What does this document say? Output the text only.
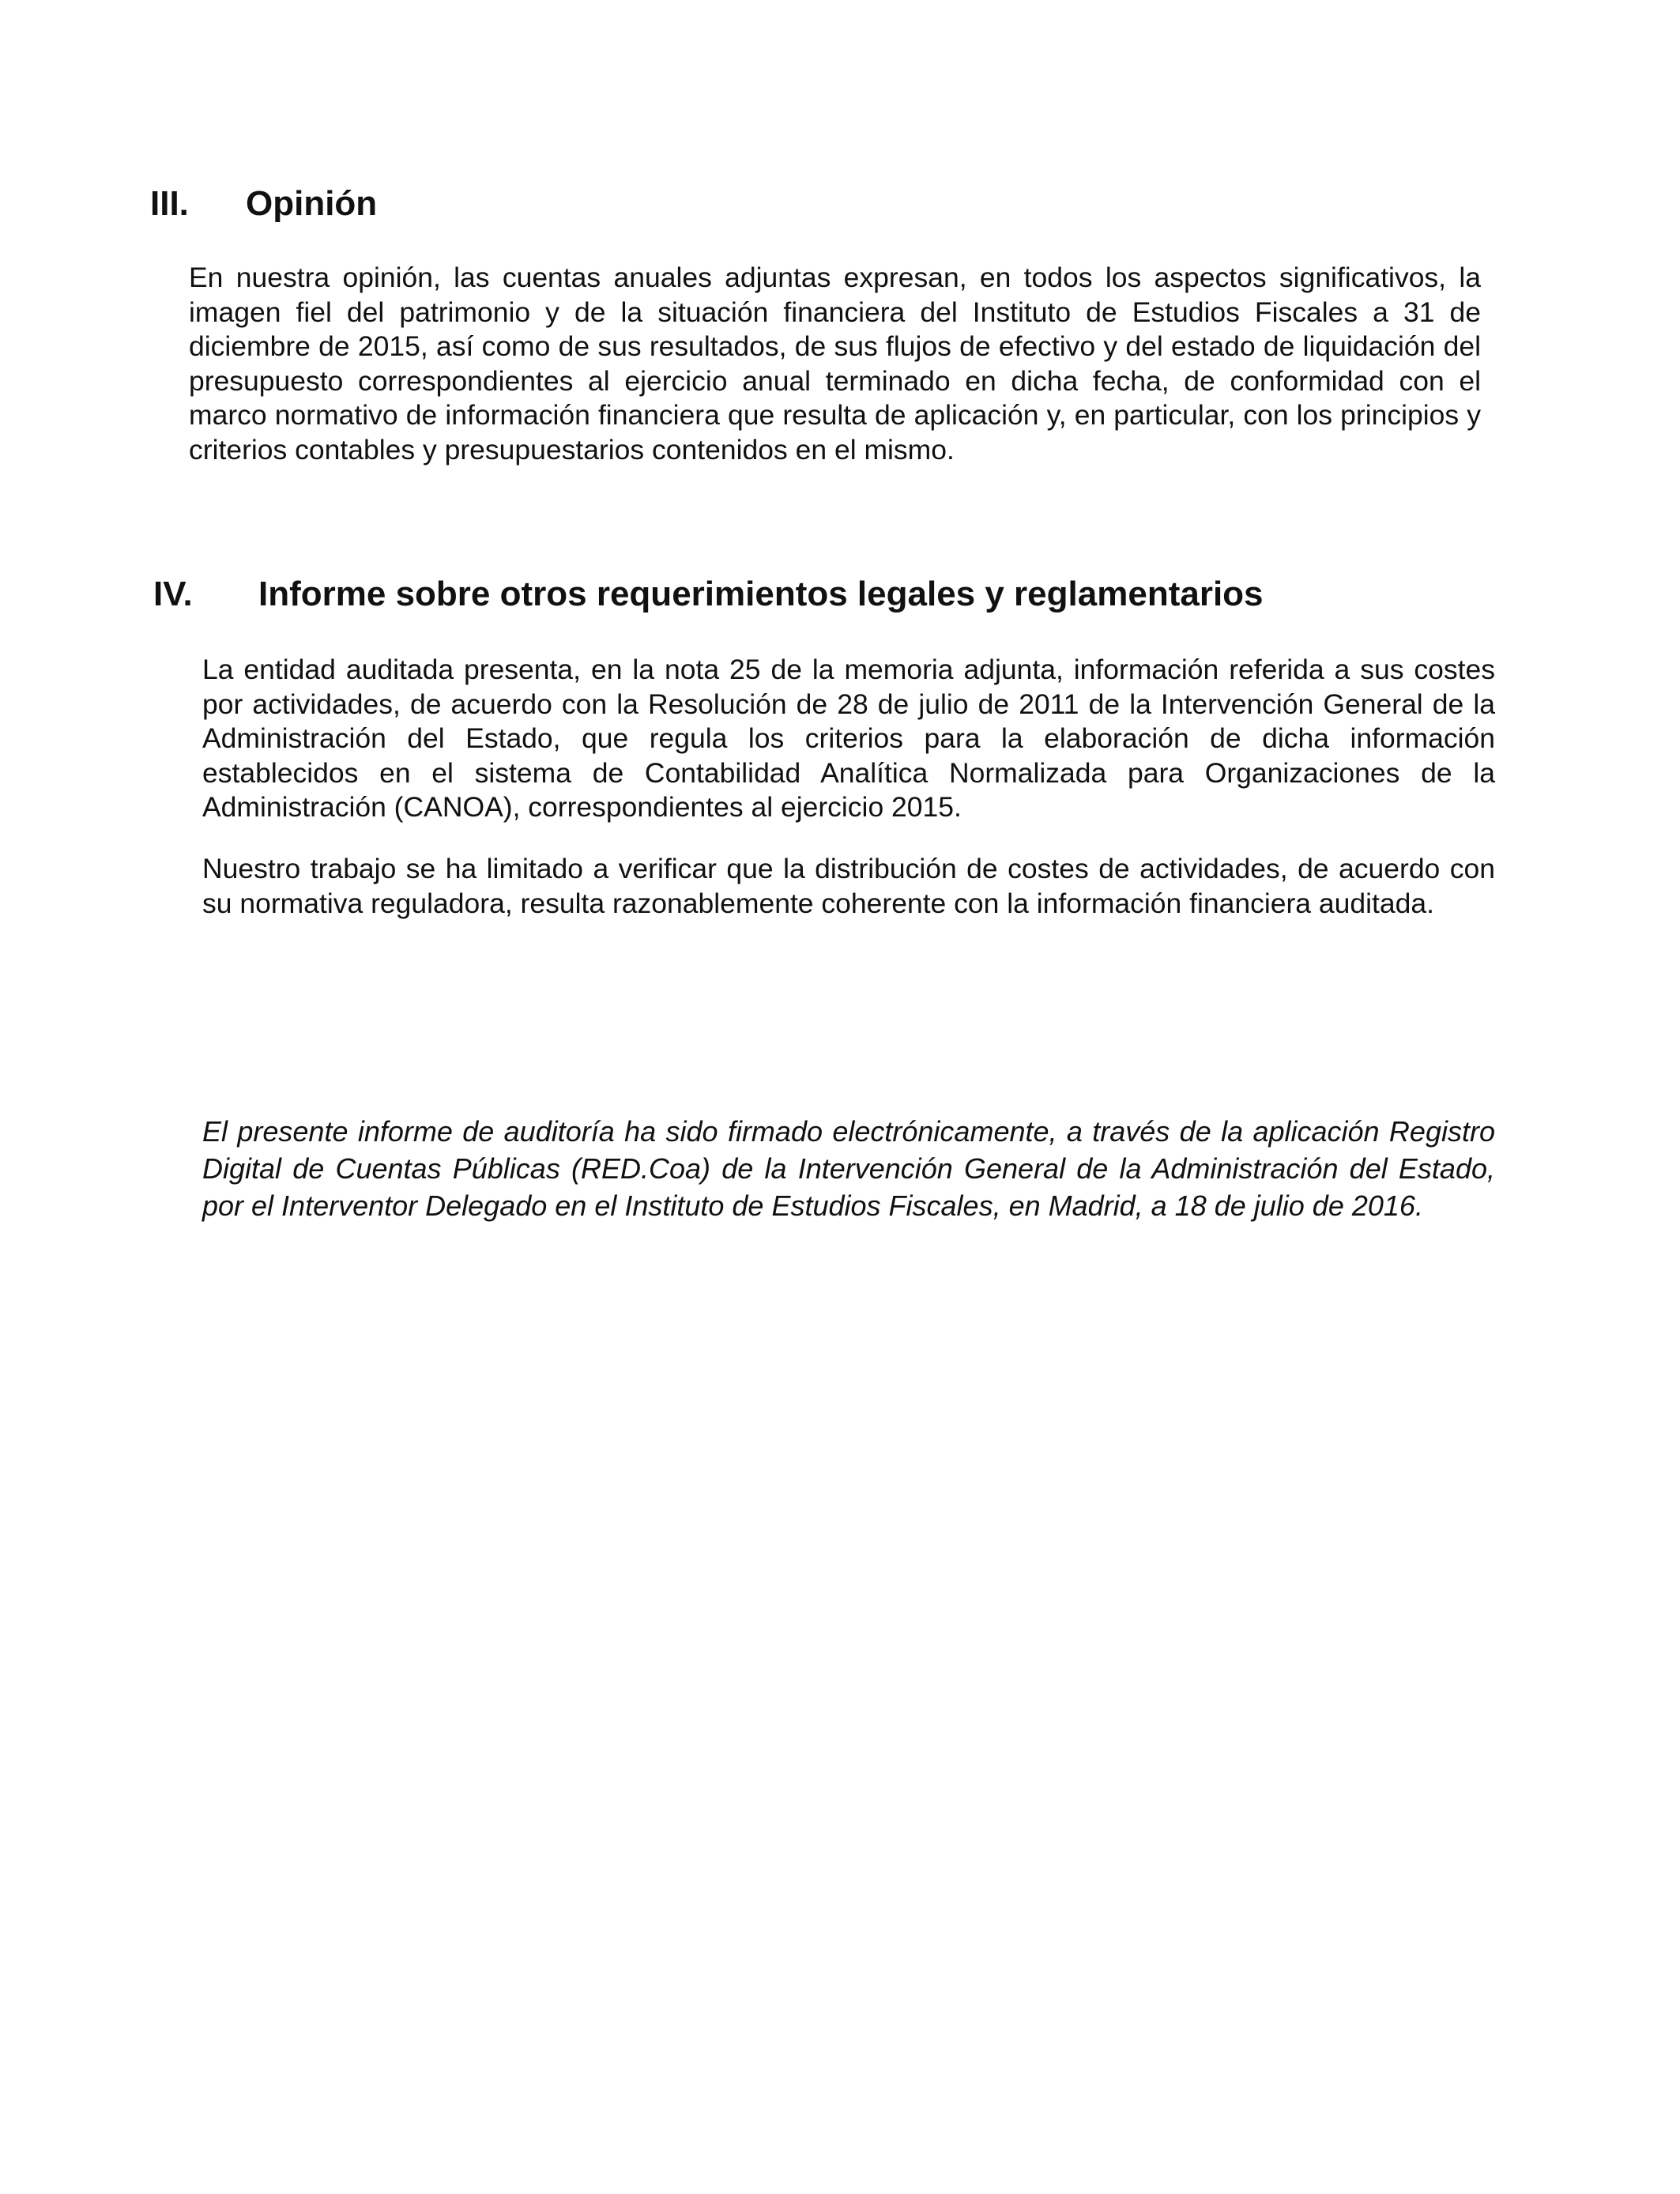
III. Opinión

En nuestra opinión, las cuentas anuales adjuntas expresan, en todos los aspectos significativos, la imagen fiel del patrimonio y de la situación financiera del Instituto de Estudios Fiscales a 31 de diciembre de 2015, así como de sus resultados, de sus flujos de efectivo y del estado de liquidación del presupuesto correspondientes al ejercicio anual terminado en dicha fecha, de conformidad con el marco normativo de información financiera que resulta de aplicación y, en particular, con los principios y criterios contables y presupuestarios contenidos en el mismo.

IV. Informe sobre otros requerimientos legales y reglamentarios

La entidad auditada presenta, en la nota 25 de la memoria adjunta, información referida a sus costes por actividades, de acuerdo con la Resolución de 28 de julio de 2011 de la Intervención General de la Administración del Estado, que regula los criterios para la elaboración de dicha información establecidos en el sistema de Contabilidad Analítica Normalizada para Organizaciones de la Administración (CANOA), correspondientes al ejercicio 2015.

Nuestro trabajo se ha limitado a verificar que la distribución de costes de actividades, de acuerdo con su normativa reguladora, resulta razonablemente coherente con la información financiera auditada.

El presente informe de auditoría ha sido firmado electrónicamente, a través de la aplicación Registro Digital de Cuentas Públicas (RED.Coa) de la Intervención General de la Administración del Estado, por el Interventor Delegado en el Instituto de Estudios Fiscales, en Madrid, a 18 de julio de 2016.
